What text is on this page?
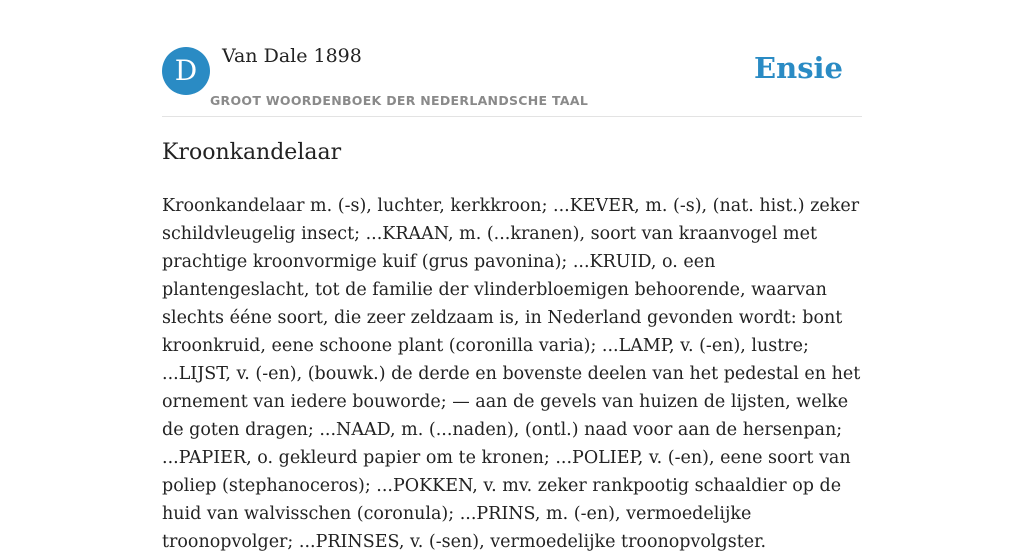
D	Van Dale 1898
GROOT WOORDENBOEK DER NEDERLANDSCHE TAAL
Ensie
Kroonkandelaar

Kroonkandelaar m. (-s), luchter, kerkkroon; ...KEVER, m. (-s), (nat. hist.) zeker schildvleugelig insect; ...KRAAN, m. (...kranen), soort van kraanvogel met prachtige kroonvormige kuif (grus pavonina); ...KRUID, o. een plantengeslacht, tot de familie der vlinderbloemigen behoorende, waarvan slechts ééne soort, die zeer zeldzaam is, in Nederland gevonden wordt: bont kroonkruid, eene schoone plant (coronilla varia); ...LAMP, v. (-en), lustre; ...LIJST, v. (-en), (bouwk.) de derde en bovenste deelen van het pedestal en het ornement van iedere bouworde; — aan de gevels van huizen de lijsten, welke de goten dragen; ...NAAD, m. (...naden), (ontl.) naad voor aan de hersenpan; ...PAPIER, o. gekleurd papier om te kronen; ...POLIEP, v. (-en), eene soort van poliep (stephanoceros); ...POKKEN, v. mv. zeker rankpootig schaaldier op de huid van walvisschen (coronula); ...PRINS, m. (-en), vermoedelijke troonopvolger; ...PRINSES, v. (-sen), vermoedelijke troonopvolgster.
